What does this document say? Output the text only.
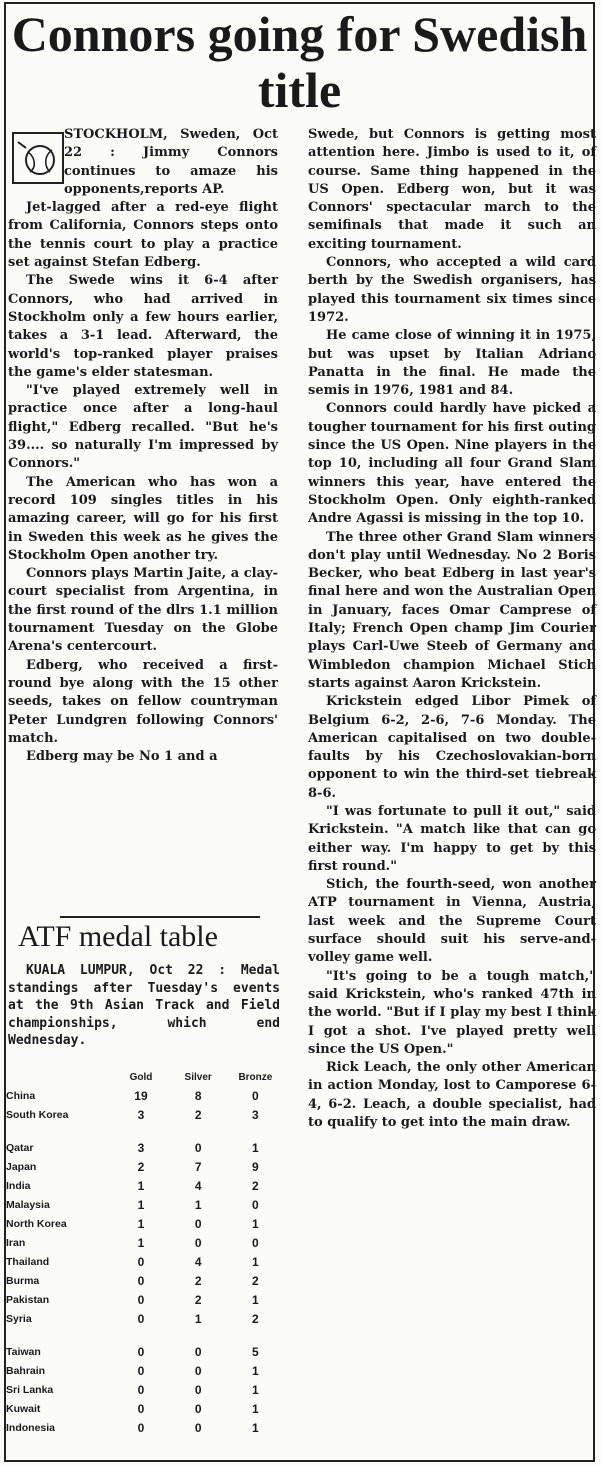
Connors going for Swedish title

STOCKHOLM, Sweden, Oct 22 : Jimmy Connors continues to amaze his opponents,reports AP.

Jet-lagged after a red-eye flight from California, Connors steps onto the tennis court to play a practice set against Stefan Edberg.

The Swede wins it 6-4 after Connors, who had arrived in Stockholm only a few hours earlier, takes a 3-1 lead. Afterward, the world's top-ranked player praises the game's elder statesman.

"I've played extremely well in practice once after a long-haul flight," Edberg recalled. "But he's 39.... so naturally I'm impressed by Connors."

The American who has won a record 109 singles titles in his amazing career, will go for his first in Sweden this week as he gives the Stockholm Open another try.

Connors plays Martin Jaite, a clay-court specialist from Argentina, in the first round of the dlrs 1.1 million tournament Tuesday on the Globe Arena's centercourt.

Edberg, who received a first-round bye along with the 15 other seeds, takes on fellow countryman Peter Lundgren following Connors' match.

Edberg may be No 1 and a

Swede, but Connors is getting most attention here. Jimbo is used to it, of course. Same thing happened in the US Open. Edberg won, but it was Connors' spectacular march to the semifinals that made it such an exciting tournament.

Connors, who accepted a wild card berth by the Swedish organisers, has played this tournament six times since 1972.

He came close of winning it in 1975, but was upset by Italian Adriano Panatta in the final. He made the semis in 1976, 1981 and 84.

Connors could hardly have picked a tougher tournament for his first outing since the US Open. Nine players in the top 10, including all four Grand Slam winners this year, have entered the Stockholm Open. Only eighth-ranked Andre Agassi is missing in the top 10.

The three other Grand Slam winners don't play until Wednesday. No 2 Boris Becker, who beat Edberg in last year's final here and won the Australian Open in January, faces Omar Camprese of Italy; French Open champ Jim Courier plays Carl-Uwe Steeb of Germany and Wimbledon champion Michael Stich starts against Aaron Krickstein.

Krickstein edged Libor Pimek of Belgium 6-2, 2-6, 7-6 Monday. The American capitalised on two double-faults by his Czechoslovakian-born opponent to win the third-set tiebreak 8-6.

"I was fortunate to pull it out," said Krickstein. "A match like that can go either way. I'm happy to get by this first round."

Stich, the fourth-seed, won another ATP tournament in Vienna, Austria, last week and the Supreme Court surface should suit his serve-and-volley game well.

"It's going to be a tough match," said Krickstein, who's ranked 47th in the world. "But if I play my best I think I got a shot. I've played pretty well since the US Open."

Rick Leach, the only other American in action Monday, lost to Camporese 6-4, 6-2. Leach, a double specialist, had to qualify to get into the main draw.

ATF medal table

KUALA LUMPUR, Oct 22 : Medal standings after Tuesday's events at the 9th Asian Track and Field championships, which end Wednesday.

	Gold	Silver	Bronze
China	19	8	0
South Korea	3	2	3

Qatar	3	0	1
Japan	2	7	9
India	1	4	2
Malaysia	1	1	0
North Korea	1	0	1
Iran	1	0	0
Thailand	0	4	1
Burma	0	2	2
Pakistan	0	2	1
Syria	0	1	2

Taiwan	0	0	5
Bahrain	0	0	1
Sri Lanka	0	0	1
Kuwait	0	0	1
Indonesia	0	0	1
